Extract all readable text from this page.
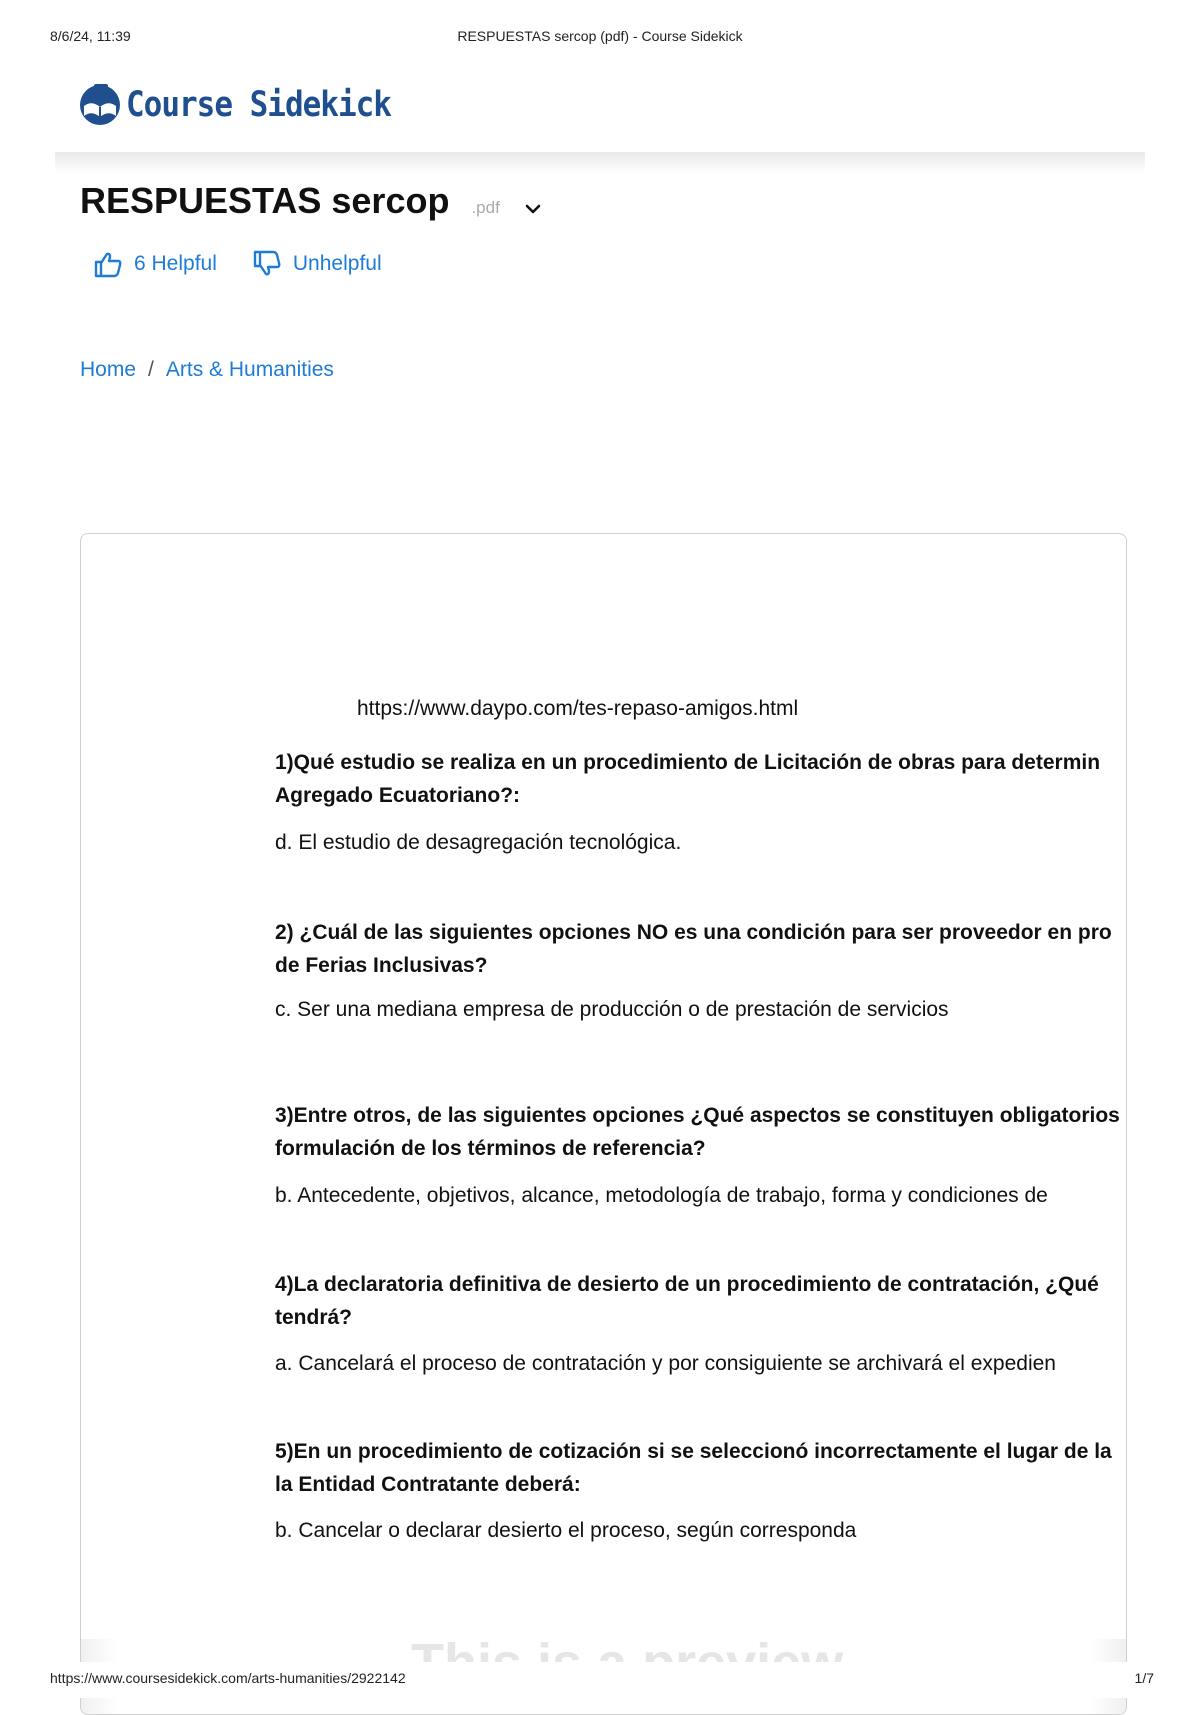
8/6/24, 11:39	RESPUESTAS sercop (pdf) - Course Sidekick
Course Sidekick
RESPUESTAS sercop .pdf
6 Helpful	Unhelpful
Home / Arts & Humanities
https://www.daypo.com/tes-repaso-amigos.html
1)Qué estudio se realiza en un procedimiento de Licitación de obras para determin
Agregado Ecuatoriano?:
d. El estudio de desagregación tecnológica.
2) ¿Cuál de las siguientes opciones NO es una condición para ser proveedor en pro
de Ferias Inclusivas?
c. Ser una mediana empresa de producción o de prestación de servicios
3)Entre otros, de las siguientes opciones ¿Qué aspectos se constituyen obligatorios
formulación de los términos de referencia?
b. Antecedente, objetivos, alcance, metodología de trabajo, forma y condiciones de
4)La declaratoria definitiva de desierto de un procedimiento de contratación, ¿Qué
tendrá?
a. Cancelará el proceso de contratación y por consiguiente se archivará el expedien
5)En un procedimiento de cotización si se seleccionó incorrectamente el lugar de la
la Entidad Contratante deberá:
b. Cancelar o declarar desierto el proceso, según corresponda
https://www.coursesidekick.com/arts-humanities/2922142	1/7
